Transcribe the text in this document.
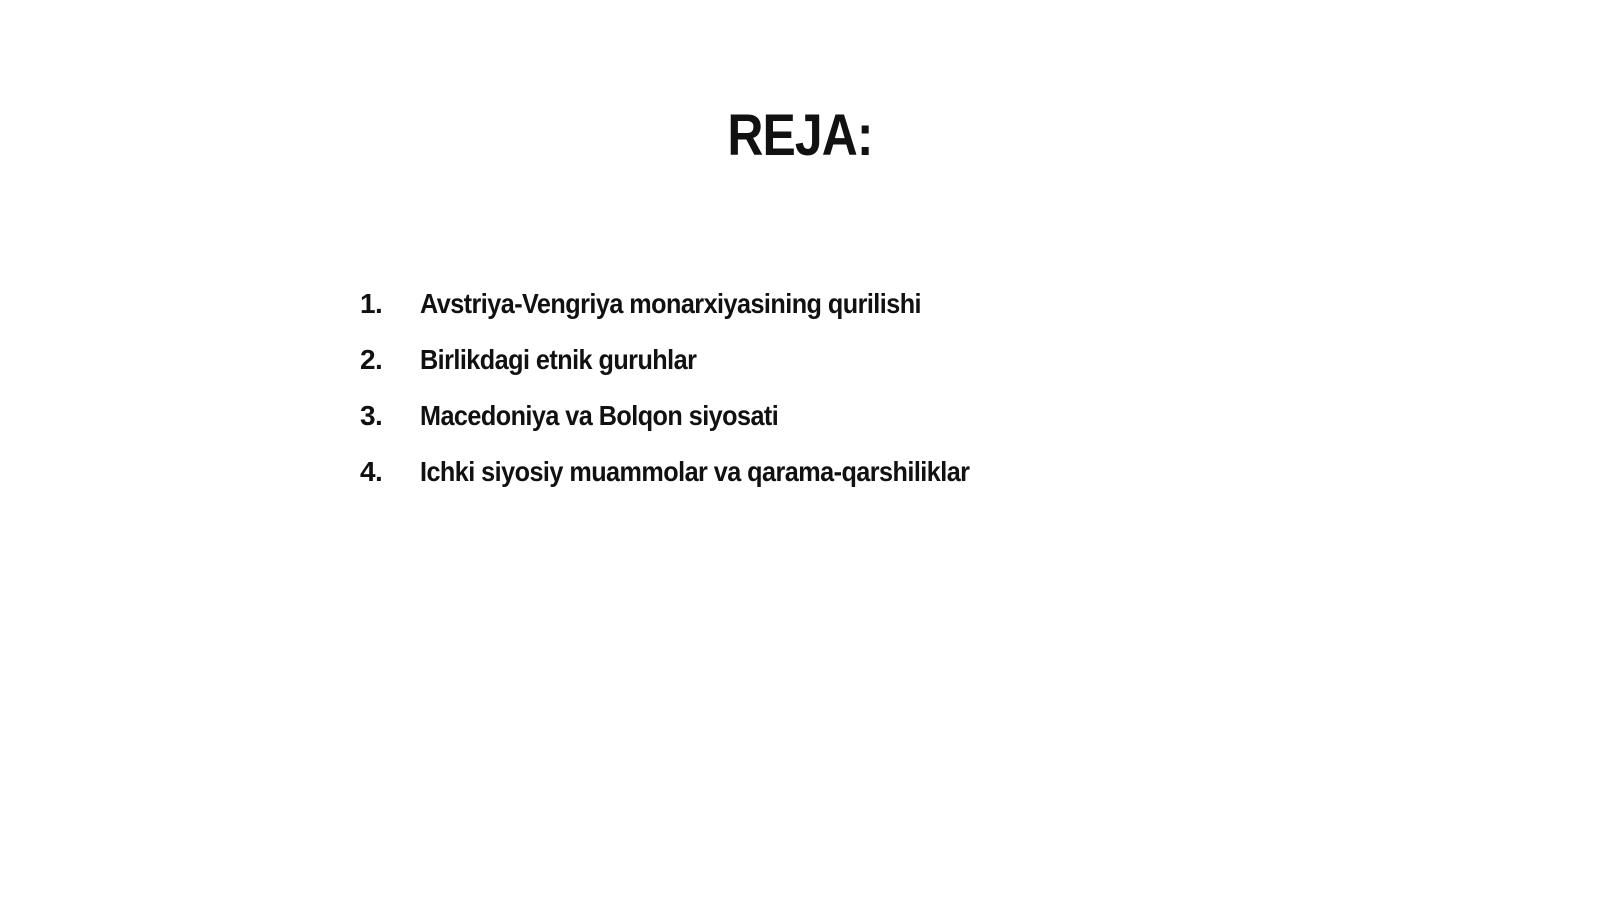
REJA:
1.	Avstriya-Vengriya monarxiyasining qurilishi
2.	Birlikdagi etnik guruhlar
3.	Macedoniya va Bolqon siyosati
4.	Ichki siyosiy muammolar va qarama-qarshiliklar
